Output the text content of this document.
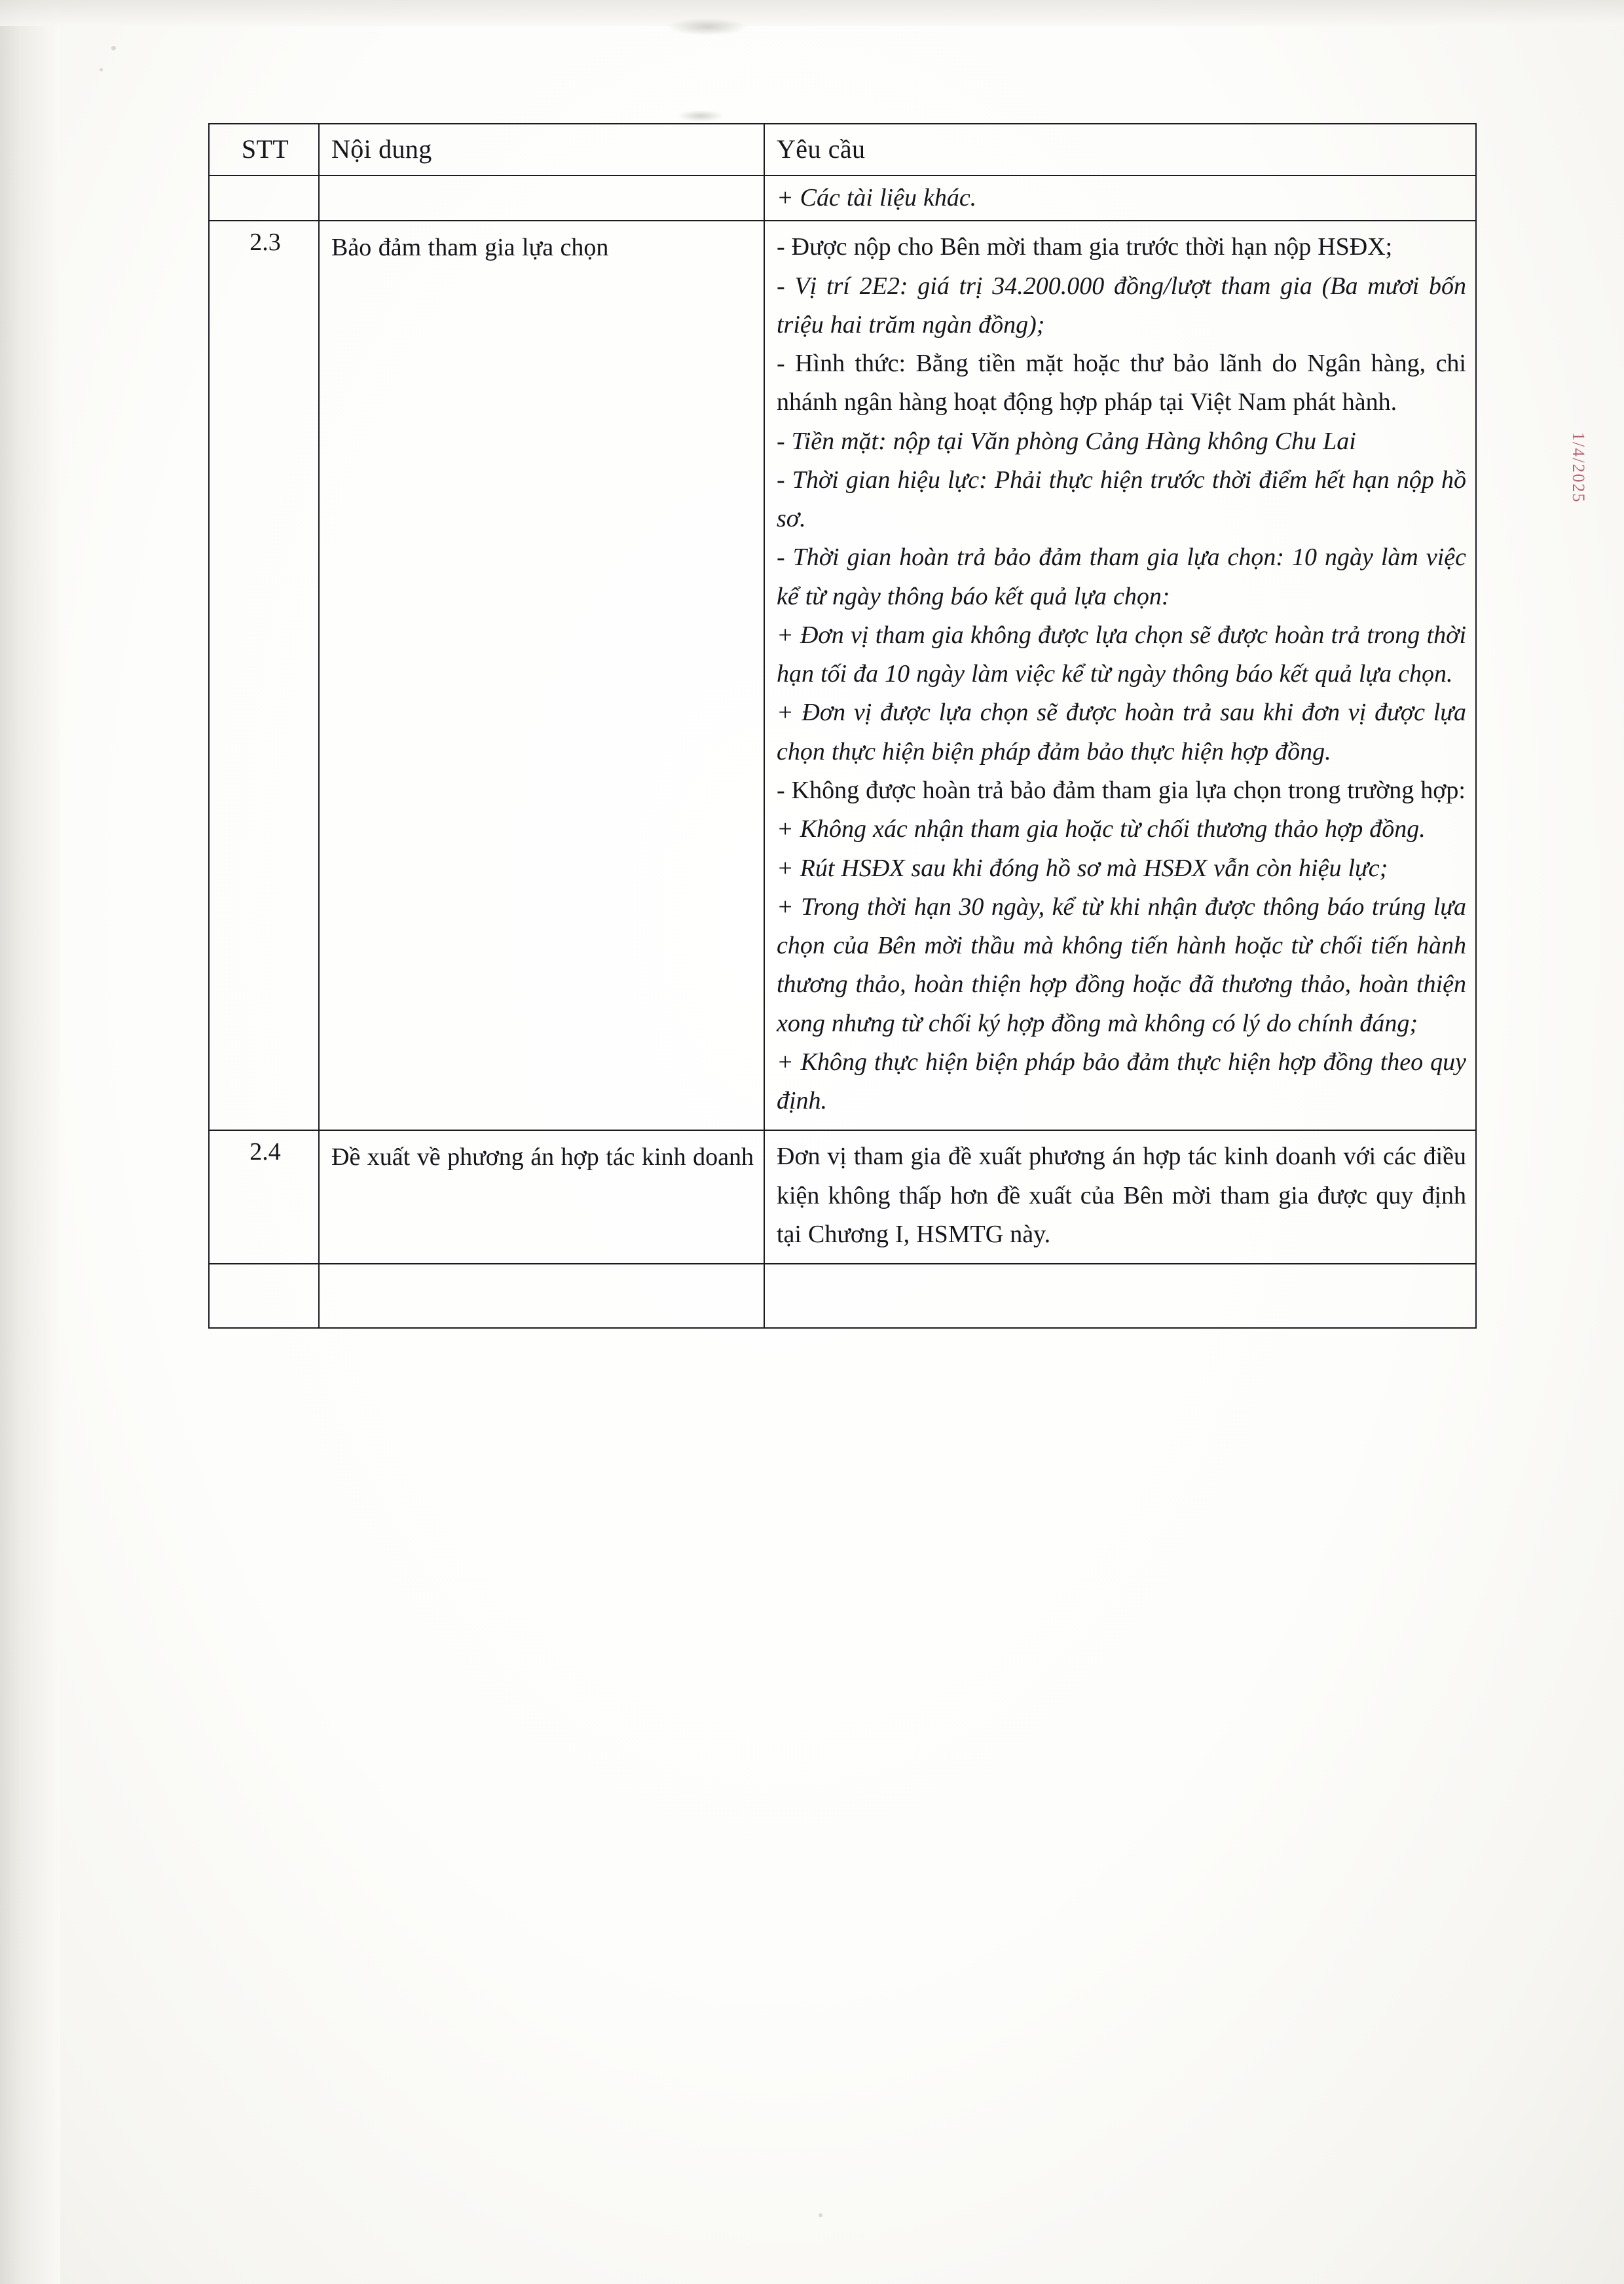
1/4/2025
STT	Nội dung	Yêu cầu

		+ Các tài liệu khác.

2.3	Bảo đảm tham gia lựa chọn	- Được nộp cho Bên mời tham gia trước thời hạn nộp HSĐX;

- Vị trí 2E2: giá trị 34.200.000 đồng/lượt tham gia (Ba mươi bốn triệu hai trăm ngàn đồng);

- Hình thức: Bằng tiền mặt hoặc thư bảo lãnh do Ngân hàng, chi nhánh ngân hàng hoạt động hợp pháp tại Việt Nam phát hành.

- Tiền mặt: nộp tại Văn phòng Cảng Hàng không Chu Lai

- Thời gian hiệu lực: Phải thực hiện trước thời điểm hết hạn nộp hồ sơ.

- Thời gian hoàn trả bảo đảm tham gia lựa chọn: 10 ngày làm việc kể từ ngày thông báo kết quả lựa chọn:

+ Đơn vị tham gia không được lựa chọn sẽ được hoàn trả trong thời hạn tối đa 10 ngày làm việc kể từ ngày thông báo kết quả lựa chọn.

+ Đơn vị được lựa chọn sẽ được hoàn trả sau khi đơn vị được lựa chọn thực hiện biện pháp đảm bảo thực hiện hợp đồng.

- Không được hoàn trả bảo đảm tham gia lựa chọn trong trường hợp:

+ Không xác nhận tham gia hoặc từ chối thương thảo hợp đồng.

+ Rút HSĐX sau khi đóng hồ sơ mà HSĐX vẫn còn hiệu lực;

+ Trong thời hạn 30 ngày, kể từ khi nhận được thông báo trúng lựa chọn của Bên mời thầu mà không tiến hành hoặc từ chối tiến hành thương thảo, hoàn thiện hợp đồng hoặc đã thương thảo, hoàn thiện xong nhưng từ chối ký hợp đồng mà không có lý do chính đáng;

+ Không thực hiện biện pháp bảo đảm thực hiện hợp đồng theo quy định.

2.4	Đề xuất về phương án hợp tác kinh doanh	Đơn vị tham gia đề xuất phương án hợp tác kinh doanh với các điều kiện không thấp hơn đề xuất của Bên mời tham gia được quy định tại Chương I, HSMTG này.
